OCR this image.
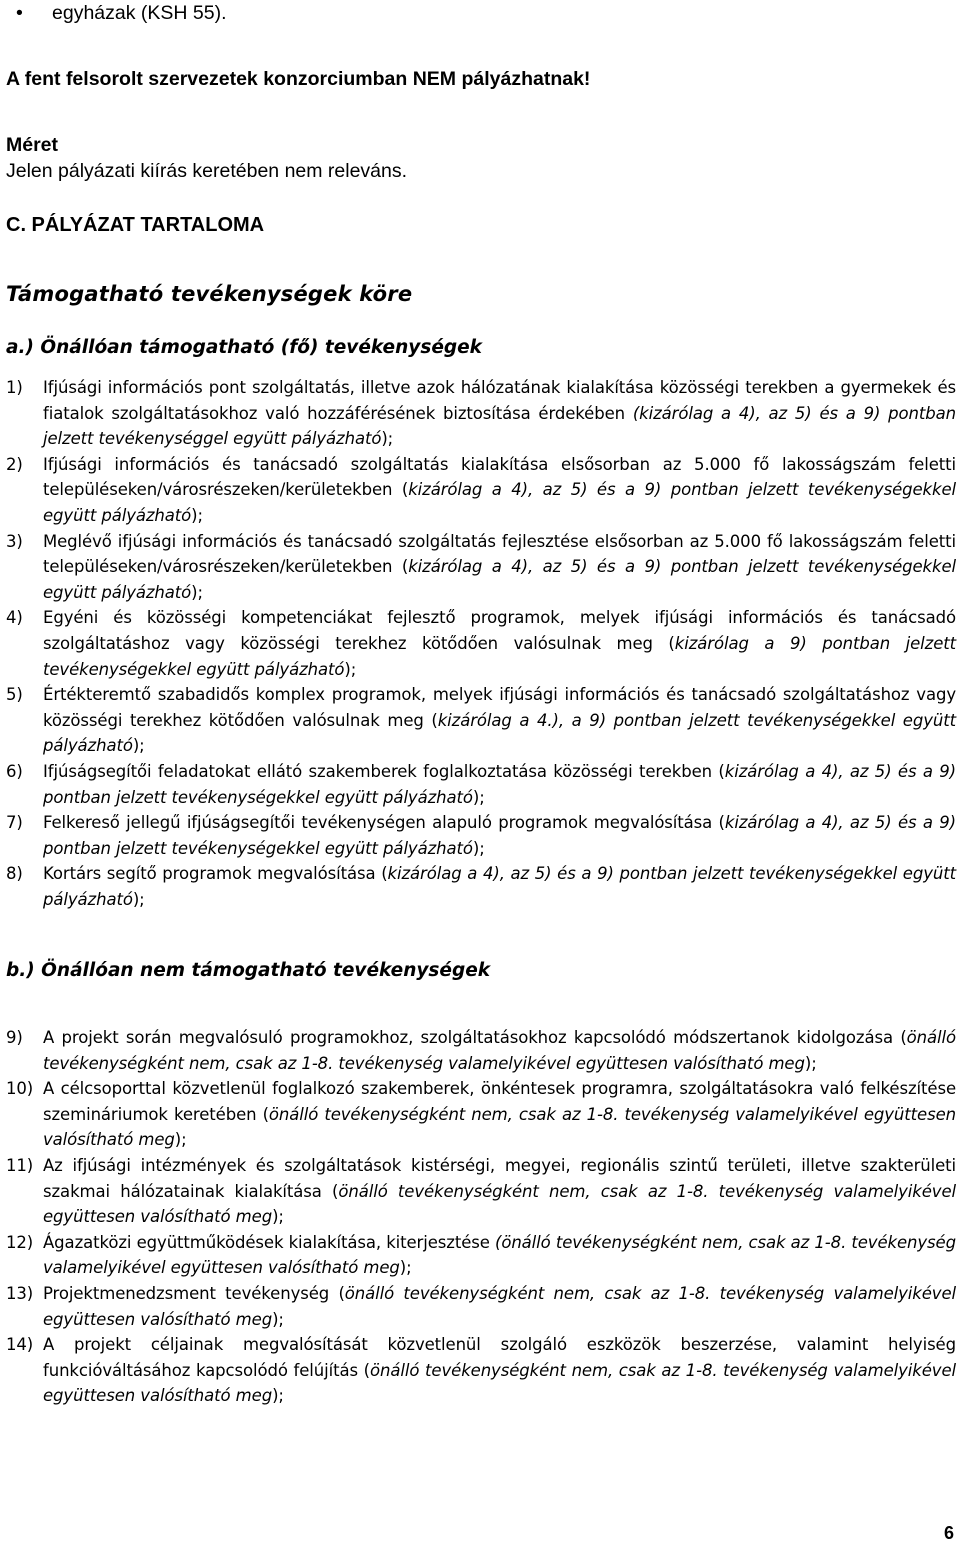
• egyházak (KSH 55).
A fent felsorolt szervezetek konzorciumban NEM pályázhatnak!
Méret
Jelen pályázati kiírás keretében nem releváns.
C. PÁLYÁZAT TARTALOMA
Támogatható tevékenységek köre
a.) Önállóan támogatható (fő) tevékenységek
1) Ifjúsági információs pont szolgáltatás, illetve azok hálózatának kialakítása közösségi terekben a gyermekek és fiatalok szolgáltatásokhoz való hozzáférésének biztosítása érdekében (kizárólag a 4), az 5) és a 9) pontban jelzett tevékenységgel együtt pályázható);
2) Ifjúsági információs és tanácsadó szolgáltatás kialakítása elsősorban az 5.000 fő lakosságszám feletti településeken/városrészeken/kerületekben (kizárólag a 4), az 5) és a 9) pontban jelzett tevékenységekkel együtt pályázható);
3) Meglévő ifjúsági információs és tanácsadó szolgáltatás fejlesztése elsősorban az 5.000 fő lakosságszám feletti településeken/városrészeken/kerületekben (kizárólag a 4), az 5) és a 9) pontban jelzett tevékenységekkel együtt pályázható);
4) Egyéni és közösségi kompetenciákat fejlesztő programok, melyek ifjúsági információs és tanácsadó szolgáltatáshoz vagy közösségi terekhez kötődően valósulnak meg (kizárólag a 9) pontban jelzett tevékenységekkel együtt pályázható);
5) Értékteremtő szabadidős komplex programok, melyek ifjúsági információs és tanácsadó szolgáltatáshoz vagy közösségi terekhez kötődően valósulnak meg (kizárólag a 4.), a 9) pontban jelzett tevékenységekkel együtt pályázható);
6) Ifjúságsegítői feladatokat ellátó szakemberek foglalkoztatása közösségi terekben (kizárólag a 4), az 5) és a 9) pontban jelzett tevékenységekkel együtt pályázható);
7) Felkereső jellegű ifjúságsegítői tevékenységen alapuló programok megvalósítása (kizárólag a 4), az 5) és a 9) pontban jelzett tevékenységekkel együtt pályázható);
8) Kortárs segítő programok megvalósítása (kizárólag a 4), az 5) és a 9) pontban jelzett tevékenységekkel együtt pályázható);
b.) Önállóan nem támogatható tevékenységek
9) A projekt során megvalósuló programokhoz, szolgáltatásokhoz kapcsolódó módszertanok kidolgozása (önálló tevékenységként nem, csak az 1-8. tevékenység valamelyikével együttesen valósítható meg);
10) A célcsoporttal közvetlenül foglalkozó szakemberek, önkéntesek programra, szolgáltatásokra való felkészítése szemináriumok keretében (önálló tevékenységként nem, csak az 1-8. tevékenység valamelyikével együttesen valósítható meg);
11) Az ifjúsági intézmények és szolgáltatások kistérségi, megyei, regionális szintű területi, illetve szakterületi szakmai hálózatainak kialakítása (önálló tevékenységként nem, csak az 1-8. tevékenység valamelyikével együttesen valósítható meg);
12) Ágazatközi együttműködések kialakítása, kiterjesztése (önálló tevékenységként nem, csak az 1-8. tevékenység valamelyikével együttesen valósítható meg);
13) Projektmenedzsment tevékenység (önálló tevékenységként nem, csak az 1-8. tevékenység valamelyikével együttesen valósítható meg);
14) A projekt céljainak megvalósítását közvetlenül szolgáló eszközök beszerzése, valamint helyiség funkcióváltásához kapcsolódó felújítás (önálló tevékenységként nem, csak az 1-8. tevékenység valamelyikével együttesen valósítható meg);
6
